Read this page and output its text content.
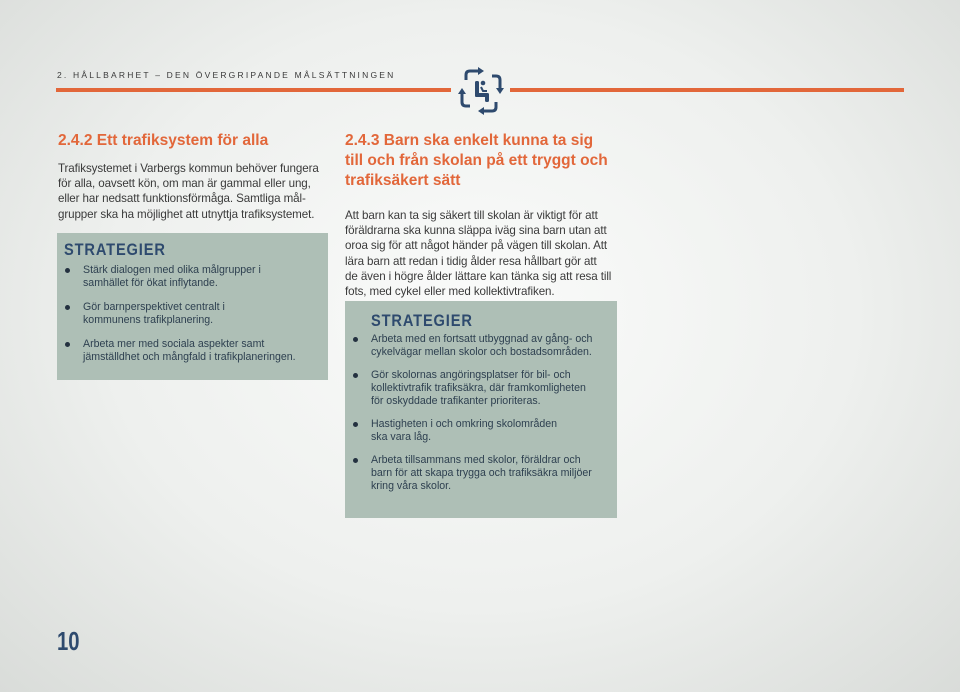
2. HÅLLBARHET – DEN ÖVERGRIPANDE MÅLSÄTTNINGEN
2.4.2 Ett trafiksystem för alla
Trafiksystemet i Varbergs kommun behöver fungera
för alla, oavsett kön, om man är gammal eller ung,
eller har nedsatt funktionsförmåga. Samtliga mål-
grupper ska ha möjlighet att utnyttja trafiksystemet.
STRATEGIER
Stärk dialogen med olika målgrupper i
samhället för ökat inflytande.
Gör barnperspektivet centralt i
kommunens trafikplanering.
Arbeta mer med sociala aspekter samt
jämställdhet och mångfald i trafikplaneringen.
2.4.3 Barn ska enkelt kunna ta sig
till och från skolan på ett tryggt och
trafiksäkert sätt
Att barn kan ta sig säkert till skolan är viktigt för att
föräldrarna ska kunna släppa iväg sina barn utan att
oroa sig för att något händer på vägen till skolan. Att
lära barn att redan i tidig ålder resa hållbart gör att
de även i högre ålder lättare kan tänka sig att resa till
fots, med cykel eller med kollektivtrafiken.
STRATEGIER
Arbeta med en fortsatt utbyggnad av gång- och
cykelvägar mellan skolor och bostadsområden.
Gör skolornas angöringsplatser för bil- och
kollektivtrafik trafiksäkra, där framkomligheten
för oskyddade trafikanter prioriteras.
Hastigheten i och omkring skolområden
ska vara låg.
Arbeta tillsammans med skolor, föräldrar och
barn för att skapa trygga och trafiksäkra miljöer
kring våra skolor.
10
